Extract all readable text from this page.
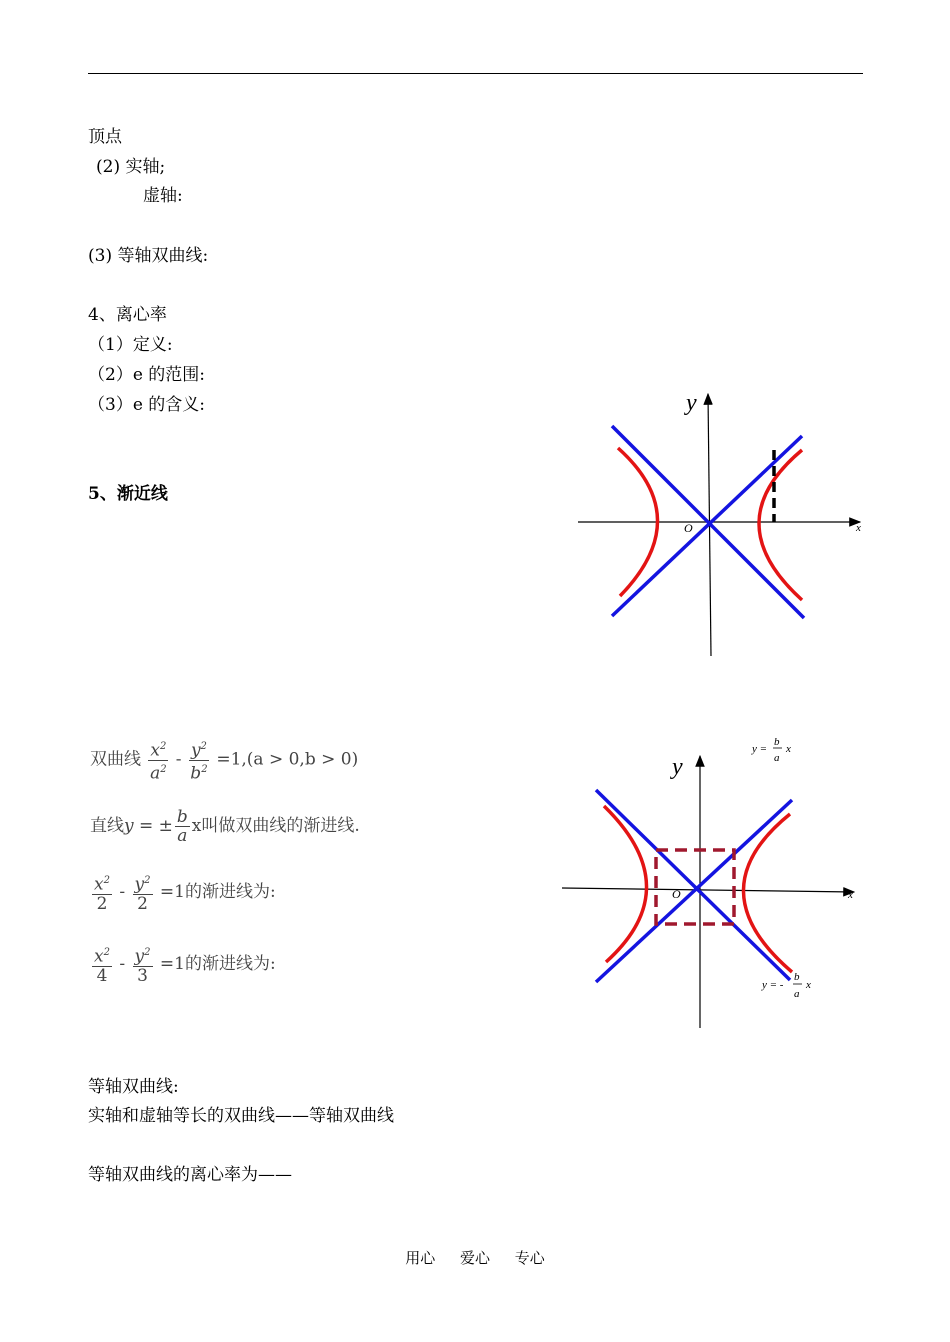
顶点
(2) 实轴;
虚轴:
(3) 等轴双曲线:
4、离心率
（1）定义:
（2）e 的范围:
（3）e 的含义:
5、渐近线
y
x
O
双曲线 $\frac{x^2}{a^2} - \frac{y^2}{b^2} =1,(a > 0,b > 0)$
直线y = ± $\frac{b}{a}$ x叫做双曲线的渐进线.
$\frac{x^2}{2} - \frac{y^2}{2} =1$的渐进线为:
$\frac{x^2}{4} - \frac{y^2}{3} =1$的渐进线为:
y
x
O
y =
b
a
x
y = -
b
a
x
等轴双曲线:
实轴和虚轴等长的双曲线——等轴双曲线
等轴双曲线的离心率为——
用心 爱心 专心
